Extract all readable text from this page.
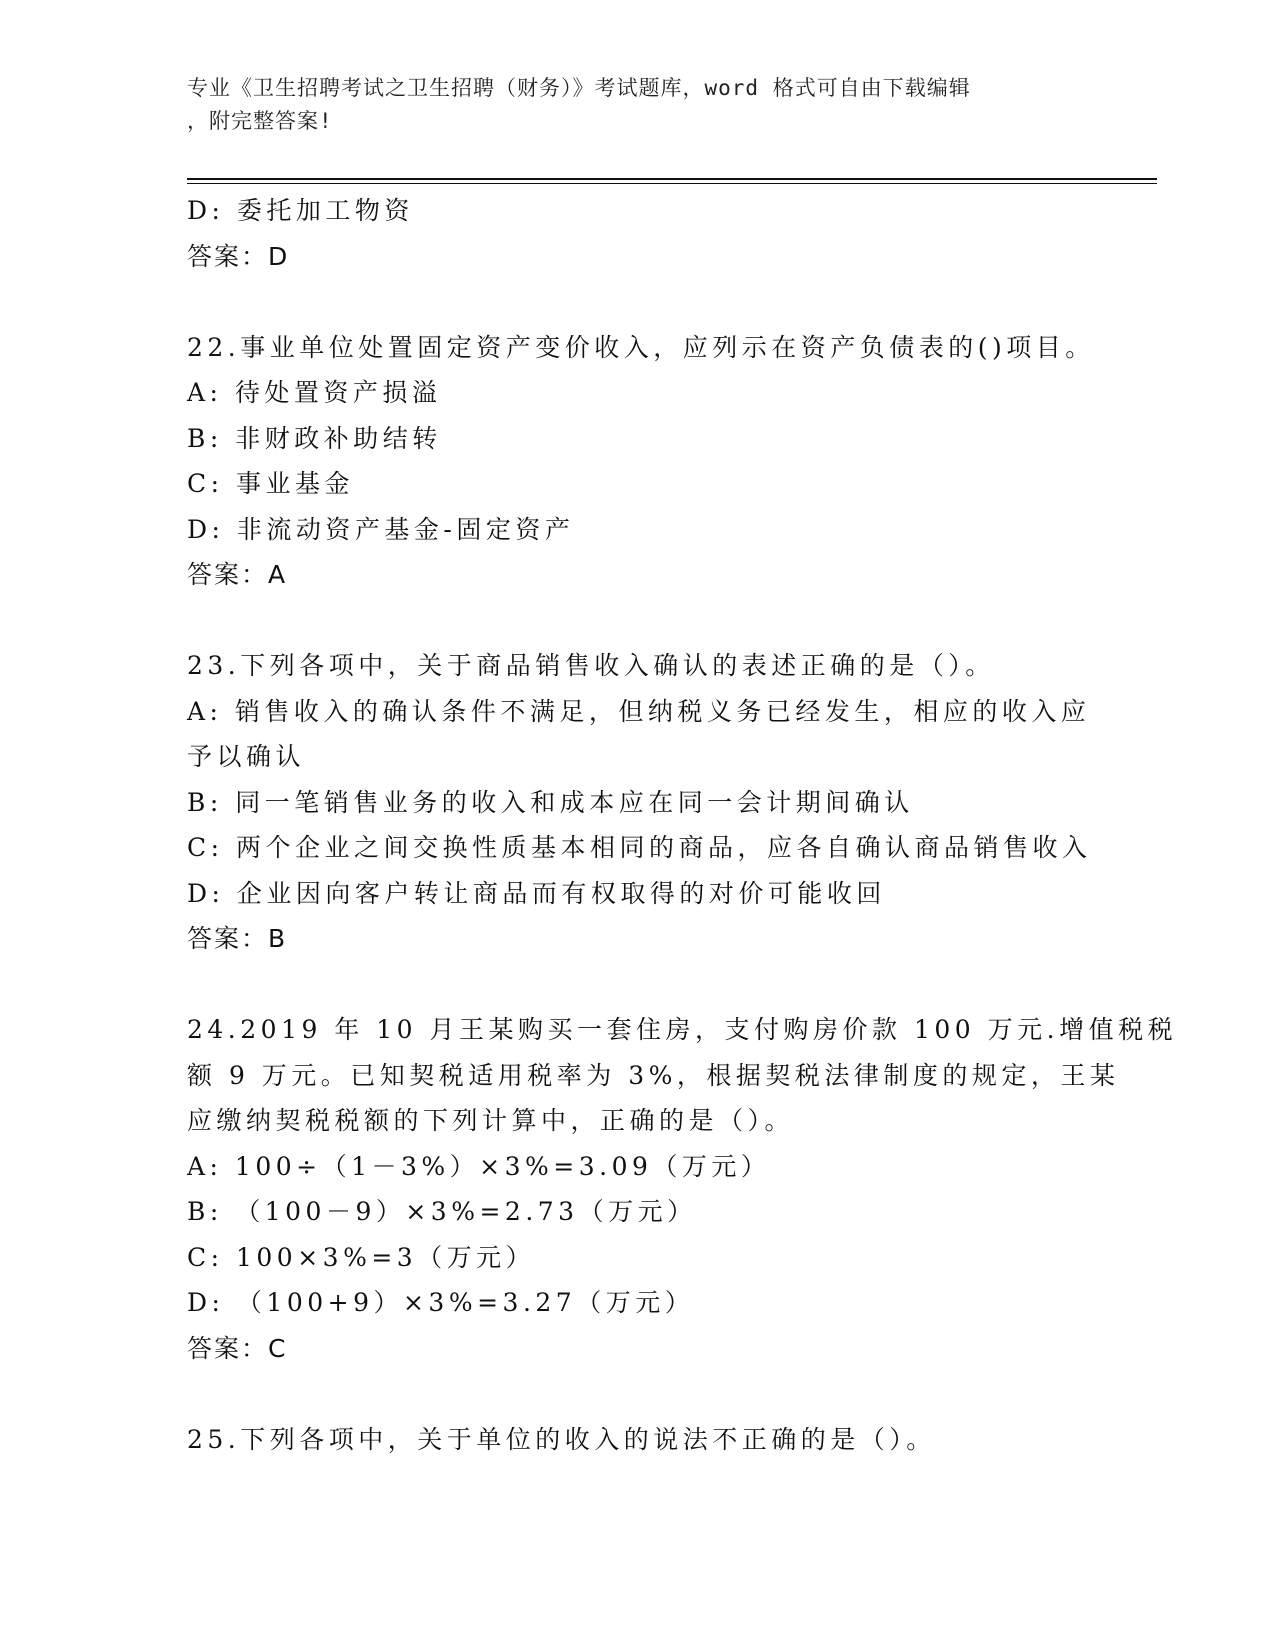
专业《卫生招聘考试之卫生招聘（财务）》考试题库，word 格式可自由下载编辑
，附完整答案!
D: 委托加工物资
答案：D
22.事业单位处置固定资产变价收入，应列示在资产负债表的()项目。
A: 待处置资产损溢
B: 非财政补助结转
C: 事业基金
D: 非流动资产基金-固定资产
答案：A
23.下列各项中，关于商品销售收入确认的表述正确的是（）。
A: 销售收入的确认条件不满足，但纳税义务已经发生，相应的收入应
予以确认
B: 同一笔销售业务的收入和成本应在同一会计期间确认
C: 两个企业之间交换性质基本相同的商品，应各自确认商品销售收入
D: 企业因向客户转让商品而有权取得的对价可能收回
答案：B
24.2019 年 10 月王某购买一套住房，支付购房价款 100 万元.增值税税
额 9 万元。已知契税适用税率为 3%，根据契税法律制度的规定，王某
应缴纳契税税额的下列计算中，正确的是（）。
A: 100÷（1－3%）×3%=3.09（万元）
B: （100－9）×3%=2.73（万元）
C: 100×3%=3（万元）
D: （100+9）×3%=3.27（万元）
答案：C
25.下列各项中，关于单位的收入的说法不正确的是（）。
